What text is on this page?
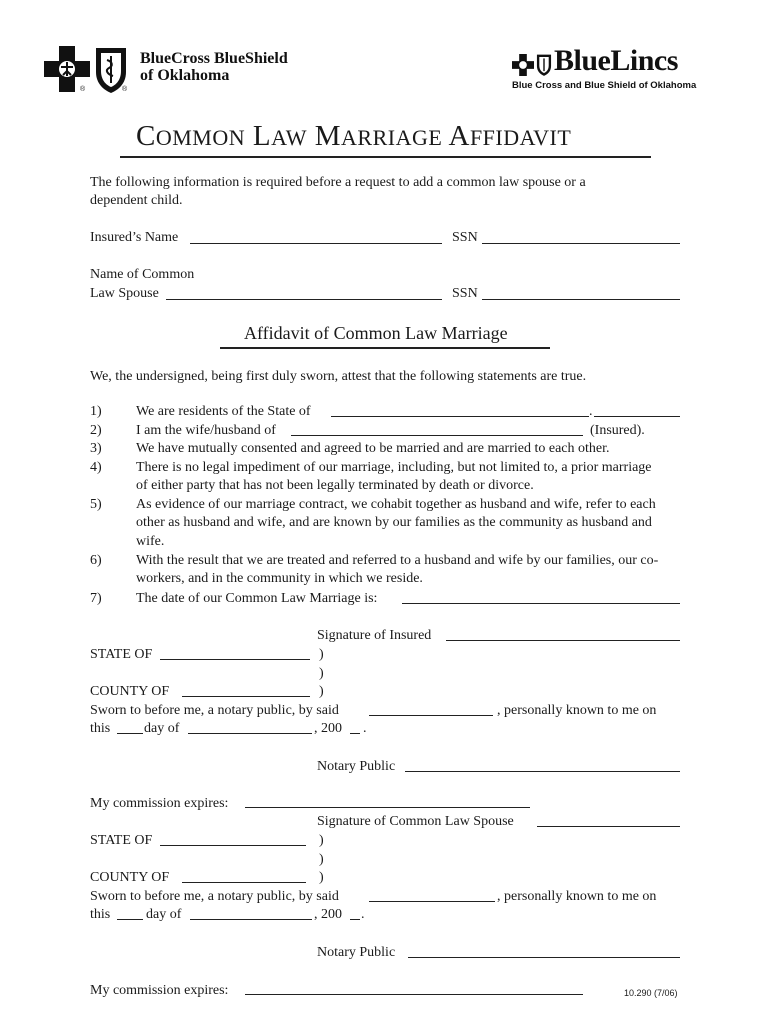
®	®
BlueCross BlueShield
of Oklahoma	BlueLincs
Blue Cross and Blue Shield of Oklahoma
COMMON LAW MARRIAGE AFFIDAVIT
The following information is required before a request to add a common law spouse or a
dependent child.
Insured’s Name	SSN
Name of Common
Law Spouse	SSN
Affidavit of Common Law Marriage
We, the undersigned, being first duly sworn, attest that the following statements are true.
1) We are residents of the State of	.
2) I am the wife/husband of	(Insured).
3) We have mutually consented and agreed to be married and are married to each other.
4) There is no legal impediment of our marriage, including, but not limited to, a prior marriage of either party that has not been legally terminated by death or divorce.
5) As evidence of our marriage contract, we cohabit together as husband and wife, refer to each other as husband and wife, and are known by our families as the community as husband and wife.
6) With the result that we are treated and referred to a husband and wife by our families, our co-workers, and in the community in which we reside.
7) The date of our Common Law Marriage is:
Signature of Insured
STATE OF	)
)
COUNTY OF	)
Sworn to before me, a notary public, by said	, personally known to me on
this day of	, 200 .
Notary Public
My commission expires:
Signature of Common Law Spouse
STATE OF	)
)
COUNTY OF	)
Sworn to before me, a notary public, by said	, personally known to me on
this	day of	, 200 .
Notary Public
My commission expires:	10.290 (7/06)
